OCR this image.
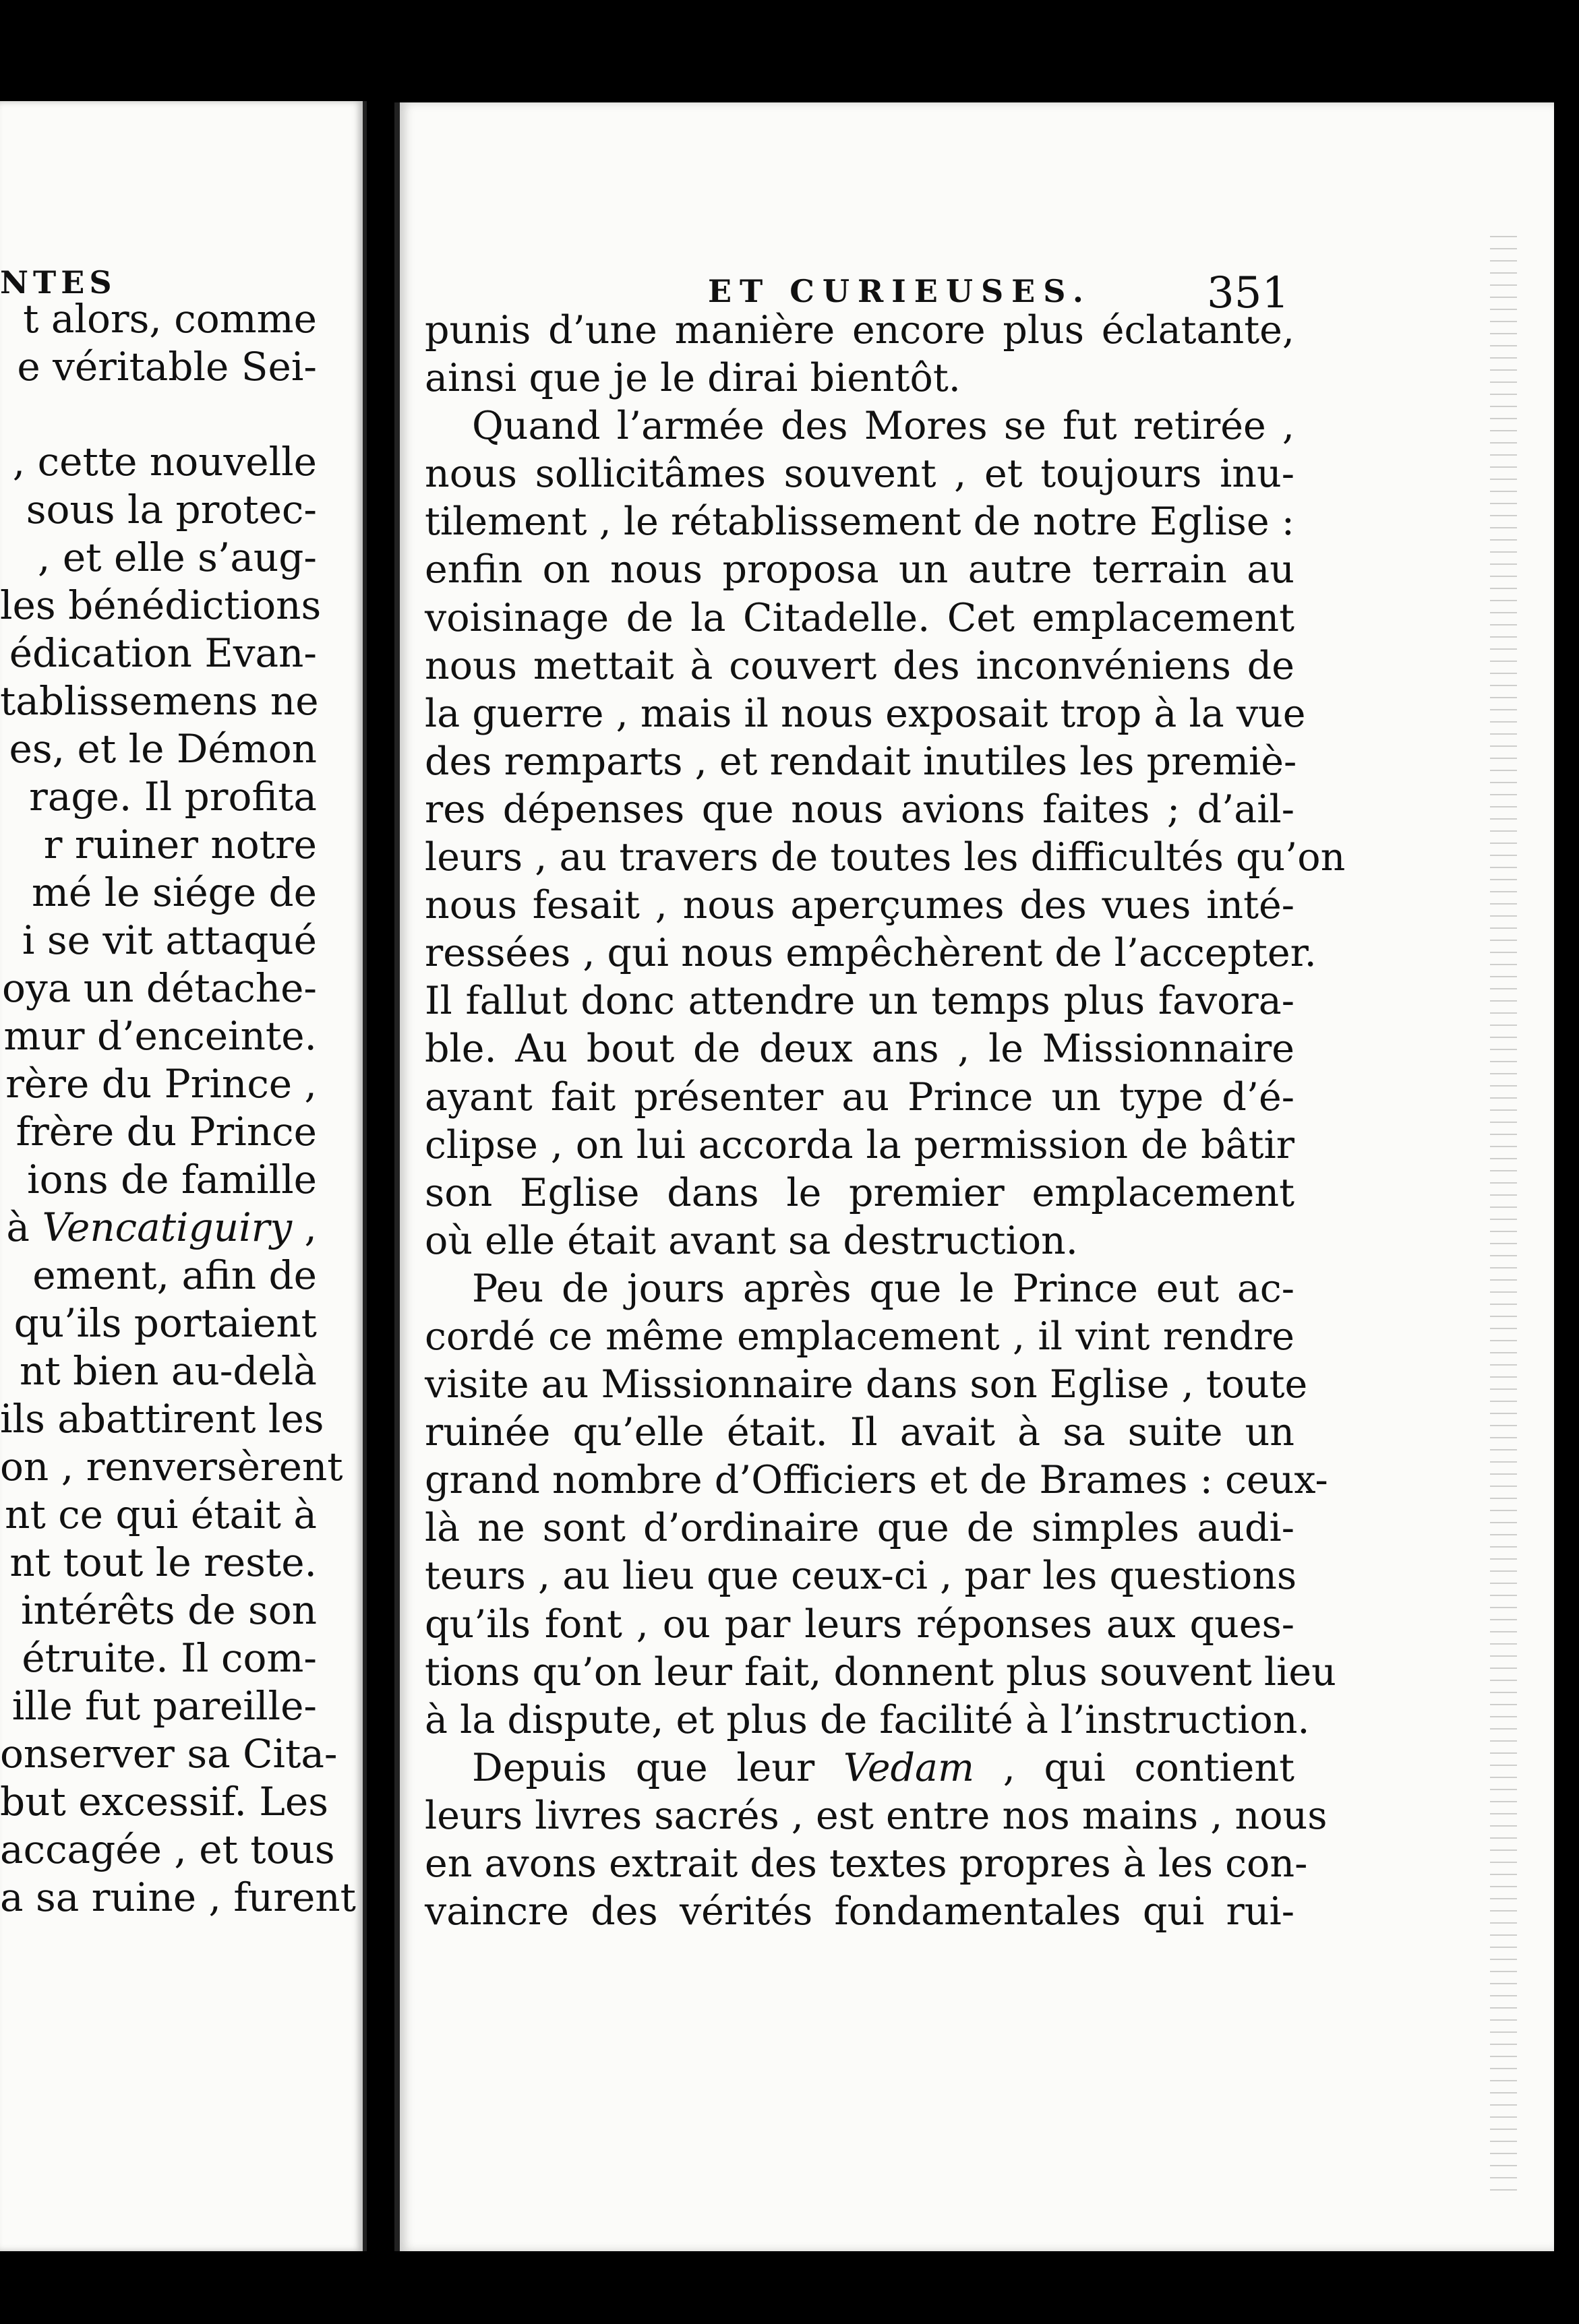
NTES
t alors, comme
e véritable Sei-
, cette nouvelle
sous la protec-
, et elle s’aug-
les bénédictions
édication Evan-
tablissemens ne
es, et le Démon
rage. Il profita
r ruiner notre
mé le siége de
i se vit attaqué
oya un détache-
mur d’enceinte.
rère du Prince ,
frère du Prince
ions de famille
à Vencatiguiry ,
ement, afin de
qu’ils portaient
nt bien au-delà
ils abattirent les
on , renversèrent
nt ce qui était à
nt tout le reste.
intérêts de son
étruite. Il com-
ille fut pareille-
onserver sa Cita-
but excessif. Les
accagée , et tous
a sa ruine , furent
ET CURIEUSES.	351

punis d’une manière encore plus éclatante,
ainsi que je le dirai bientôt.

Quand l’armée des Mores se fut retirée ,
nous sollicitâmes souvent , et toujours inu-
tilement , le rétablissement de notre Eglise :
enfin on nous proposa un autre terrain au
voisinage de la Citadelle. Cet emplacement
nous mettait à couvert des inconvéniens de
la guerre , mais il nous exposait trop à la vue
des remparts , et rendait inutiles les premiè-
res dépenses que nous avions faites ; d’ail-
leurs , au travers de toutes les difficultés qu’on
nous fesait , nous aperçumes des vues inté-
ressées , qui nous empêchèrent de l’accepter.
Il fallut donc attendre un temps plus favora-
ble. Au bout de deux ans , le Missionnaire
ayant fait présenter au Prince un type d’é-
clipse , on lui accorda la permission de bâtir
son Eglise dans le premier emplacement
où elle était avant sa destruction.

Peu de jours après que le Prince eut ac-
cordé ce même emplacement , il vint rendre
visite au Missionnaire dans son Eglise , toute
ruinée qu’elle était. Il avait à sa suite un
grand nombre d’Officiers et de Brames : ceux-
là ne sont d’ordinaire que de simples audi-
teurs , au lieu que ceux-ci , par les questions
qu’ils font , ou par leurs réponses aux ques-
tions qu’on leur fait, donnent plus souvent lieu
à la dispute, et plus de facilité à l’instruction.

Depuis que leur Vedam , qui contient
leurs livres sacrés , est entre nos mains , nous
en avons extrait des textes propres à les con-
vaincre des vérités fondamentales qui rui-
